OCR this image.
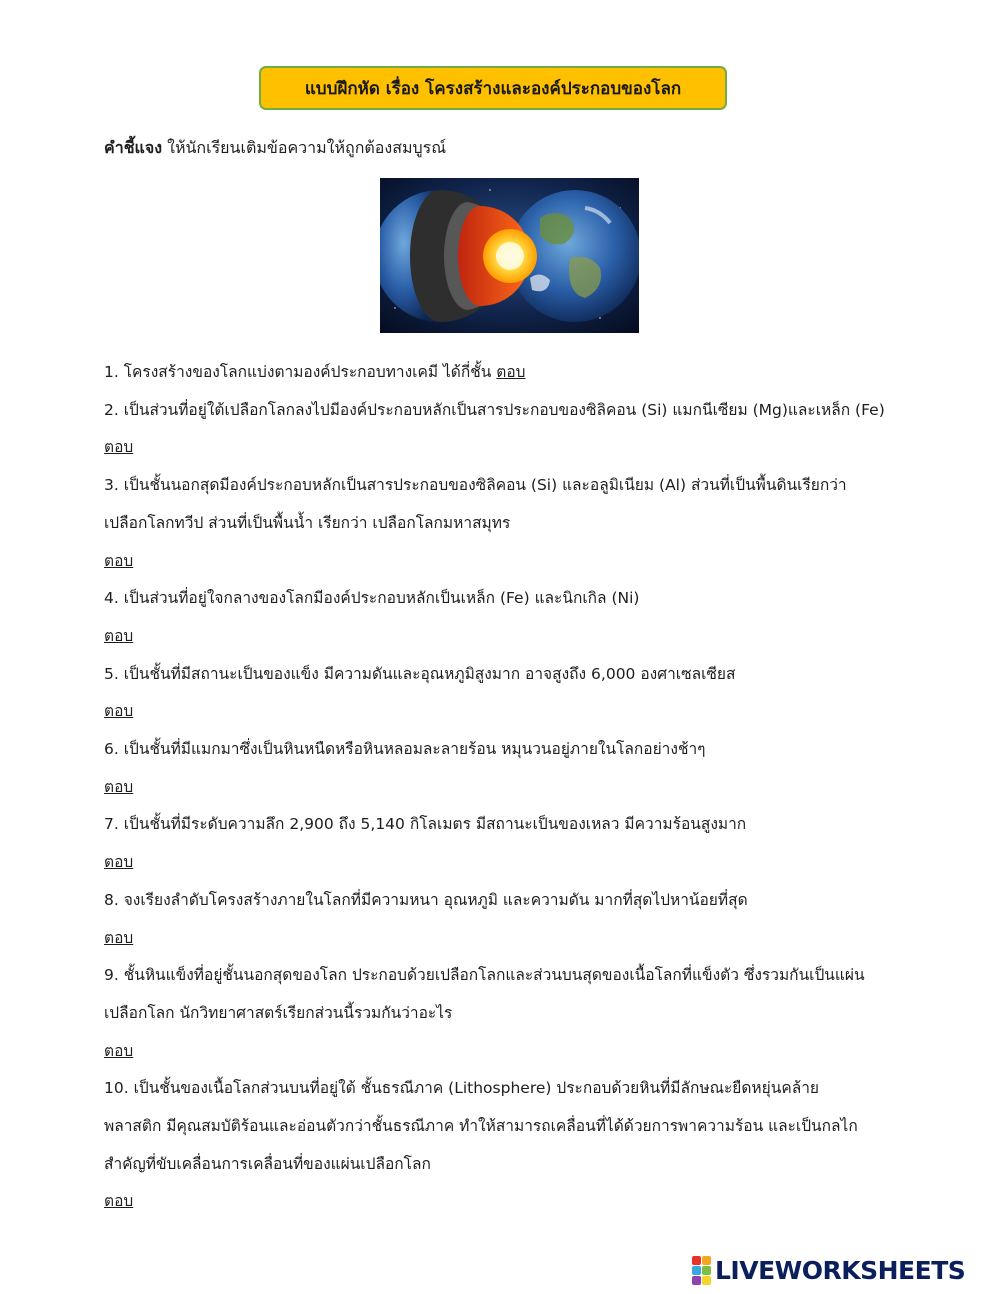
แบบฝึกหัด เรื่อง โครงสร้างและองค์ประกอบของโลก
คำชี้แจง ให้นักเรียนเติมข้อความให้ถูกต้องสมบูรณ์
1. โครงสร้างของโลกแบ่งตามองค์ประกอบทางเคมี ได้กี่ชั้น ตอบ
2. เป็นส่วนที่อยู่ใต้เปลือกโลกลงไปมีองค์ประกอบหลักเป็นสารประกอบของซิลิคอน (Si) แมกนีเซียม (Mg)และเหล็ก (Fe)
ตอบ
3. เป็นชั้นนอกสุดมีองค์ประกอบหลักเป็นสารประกอบของซิลิคอน (Si) และอลูมิเนียม (Al) ส่วนที่เป็นพื้นดินเรียกว่า
เปลือกโลกทวีป ส่วนที่เป็นพื้นน้ำ เรียกว่า เปลือกโลกมหาสมุทร
ตอบ
4. เป็นส่วนที่อยู่ใจกลางของโลกมีองค์ประกอบหลักเป็นเหล็ก (Fe) และนิกเกิล (Ni)
ตอบ
5. เป็นชั้นที่มีสถานะเป็นของแข็ง มีความดันและอุณหภูมิสูงมาก อาจสูงถึง 6,000 องศาเซลเซียส
ตอบ
6. เป็นชั้นที่มีแมกมาซึ่งเป็นหินหนืดหรือหินหลอมละลายร้อน หมุนวนอยู่ภายในโลกอย่างช้าๆ
ตอบ
7. เป็นชั้นที่มีระดับความลึก 2,900 ถึง 5,140 กิโลเมตร มีสถานะเป็นของเหลว มีความร้อนสูงมาก
ตอบ
8. จงเรียงลำดับโครงสร้างภายในโลกที่มีความหนา อุณหภูมิ และความดัน มากที่สุดไปหาน้อยที่สุด
ตอบ
9. ชั้นหินแข็งที่อยู่ชั้นนอกสุดของโลก ประกอบด้วยเปลือกโลกและส่วนบนสุดของเนื้อโลกที่แข็งตัว ซึ่งรวมกันเป็นแผ่น
เปลือกโลก นักวิทยาศาสตร์เรียกส่วนนี้รวมกันว่าอะไร
ตอบ
10. เป็นชั้นของเนื้อโลกส่วนบนที่อยู่ใต้ ชั้นธรณีภาค (Lithosphere) ประกอบด้วยหินที่มีลักษณะยืดหยุ่นคล้าย
พลาสติก มีคุณสมบัติร้อนและอ่อนตัวกว่าชั้นธรณีภาค ทำให้สามารถเคลื่อนที่ได้ด้วยการพาความร้อน และเป็นกลไก
สำคัญที่ขับเคลื่อนการเคลื่อนที่ของแผ่นเปลือกโลก
ตอบ
LIVEWORKSHEETS
